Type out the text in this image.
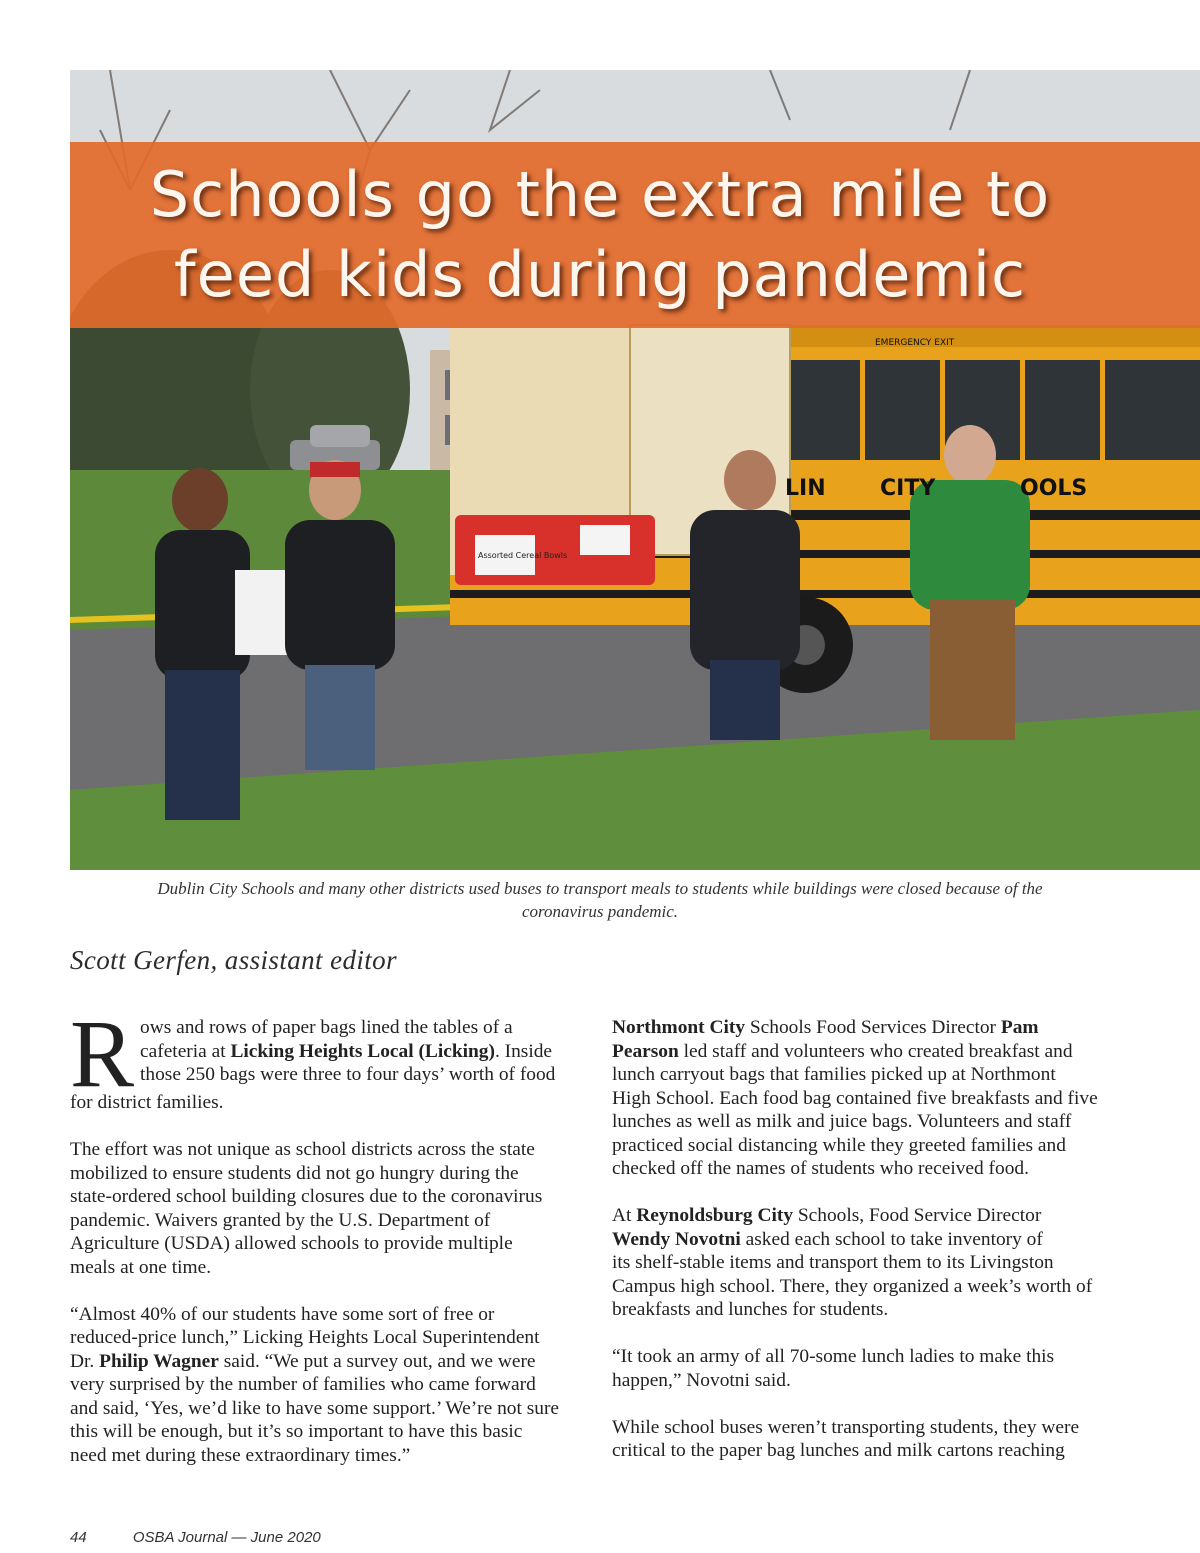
LIN CITY	OOLS
EMERGENCY EXIT
Assorted Cereal Bowls
Schools go the extra mile to
feed kids during pandemic
Dublin City Schools and many other districts used buses to transport meals to students while buildings were closed because of the
coronavirus pandemic.
Scott Gerfen, assistant editor

R ows and rows of paper bags lined the tables of a
cafeteria at Licking Heights Local (Licking). Inside
those 250 bags were three to four days’ worth of food
for district families.

The effort was not unique as school districts across the state
mobilized to ensure students did not go hungry during the
state-ordered school building closures due to the coronavirus
pandemic. Waivers granted by the U.S. Department of
Agriculture (USDA) allowed schools to provide multiple
meals at one time.

“Almost 40% of our students have some sort of free or
reduced-price lunch,” Licking Heights Local Superintendent
Dr. Philip Wagner said. “We put a survey out, and we were
very surprised by the number of families who came forward
and said, ‘Yes, we’d like to have some support.’ We’re not sure
this will be enough, but it’s so important to have this basic
need met during these extraordinary times.”

Northmont City Schools Food Services Director Pam
Pearson led staff and volunteers who created breakfast and
lunch carryout bags that families picked up at Northmont
High School. Each food bag contained five breakfasts and five
lunches as well as milk and juice bags. Volunteers and staff
practiced social distancing while they greeted families and
checked off the names of students who received food.

At Reynoldsburg City Schools, Food Service Director
Wendy Novotni asked each school to take inventory of
its shelf-stable items and transport them to its Livingston
Campus high school. There, they organized a week’s worth of
breakfasts and lunches for students.

“It took an army of all 70-some lunch ladies to make this
happen,” Novotni said.

While school buses weren’t transporting students, they were
critical to the paper bag lunches and milk cartons reaching

44	OSBA Journal — June 2020
